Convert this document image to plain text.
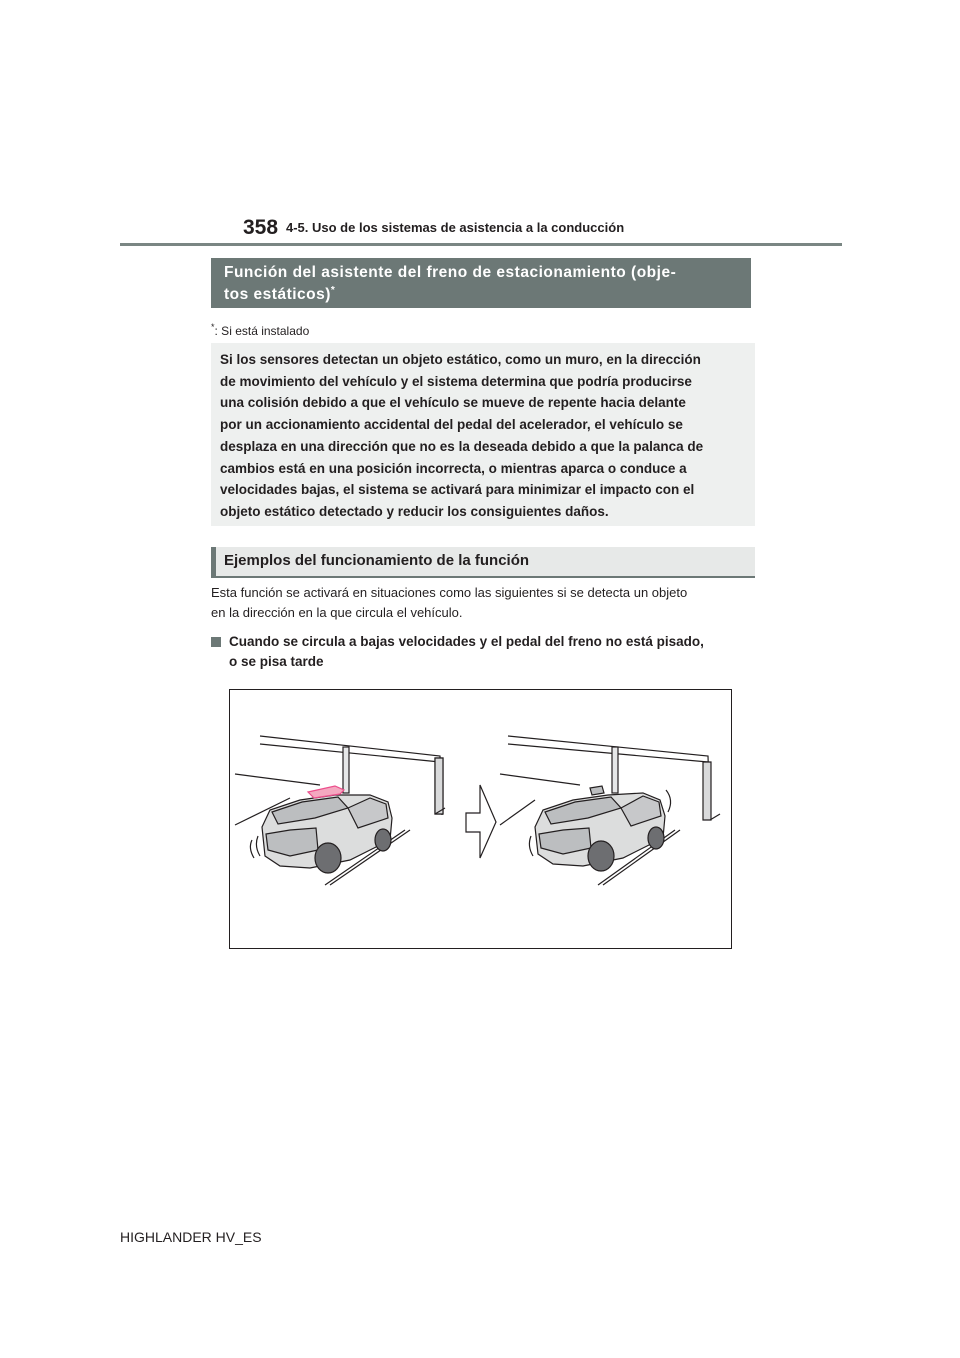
358 4-5. Uso de los sistemas de asistencia a la conducción
Función del asistente del freno de estacionamiento (obje-
tos estáticos)*
*: Si está instalado
Si los sensores detectan un objeto estático, como un muro, en la dirección
de movimiento del vehículo y el sistema determina que podría producirse
una colisión debido a que el vehículo se mueve de repente hacia delante
por un accionamiento accidental del pedal del acelerador, el vehículo se
desplaza en una dirección que no es la deseada debido a que la palanca de
cambios está en una posición incorrecta, o mientras aparca o conduce a
velocidades bajas, el sistema se activará para minimizar el impacto con el
objeto estático detectado y reducir los consiguientes daños.
Ejemplos del funcionamiento de la función
Esta función se activará en situaciones como las siguientes si se detecta un objeto
en la dirección en la que circula el vehículo.
Cuando se circula a bajas velocidades y el pedal del freno no está pisado,
o se pisa tarde
HIGHLANDER HV_ES
